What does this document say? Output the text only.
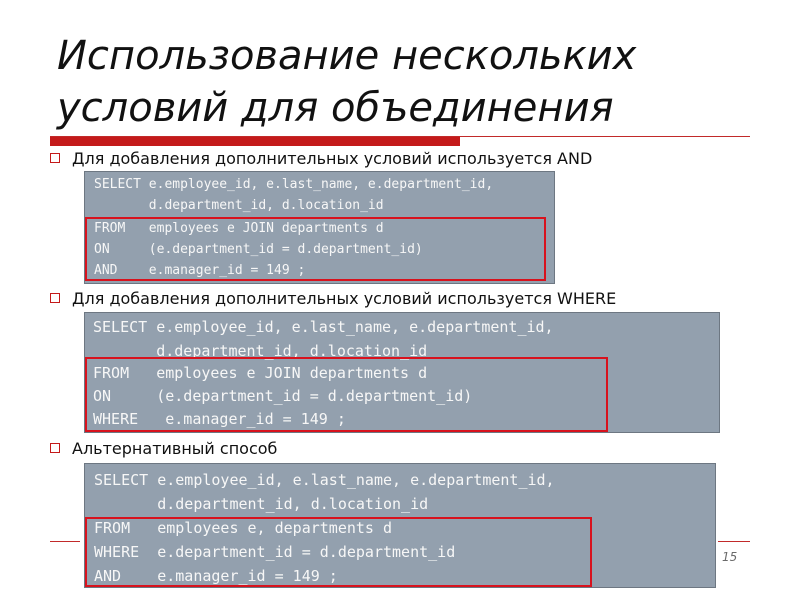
Использование нескольких
условий для объединения
Для добавления дополнительных условий используется AND
SELECT e.employee_id, e.last_name, e.department_id,
d.department_id, d.location_id
FROM   employees e JOIN departments d
ON     (e.department_id = d.department_id)
AND    e.manager_id = 149 ;
Для добавления дополнительных условий используется WHERE
SELECT e.employee_id, e.last_name, e.department_id,
d.department_id, d.location_id
FROM   employees e JOIN departments d
ON     (e.department_id = d.department_id)
WHERE   e.manager_id = 149 ;
Альтернативный способ
SELECT e.employee_id, e.last_name, e.department_id,
d.department_id, d.location_id
FROM   employees e, departments d
WHERE  e.department_id = d.department_id
AND    e.manager_id = 149 ;
15
